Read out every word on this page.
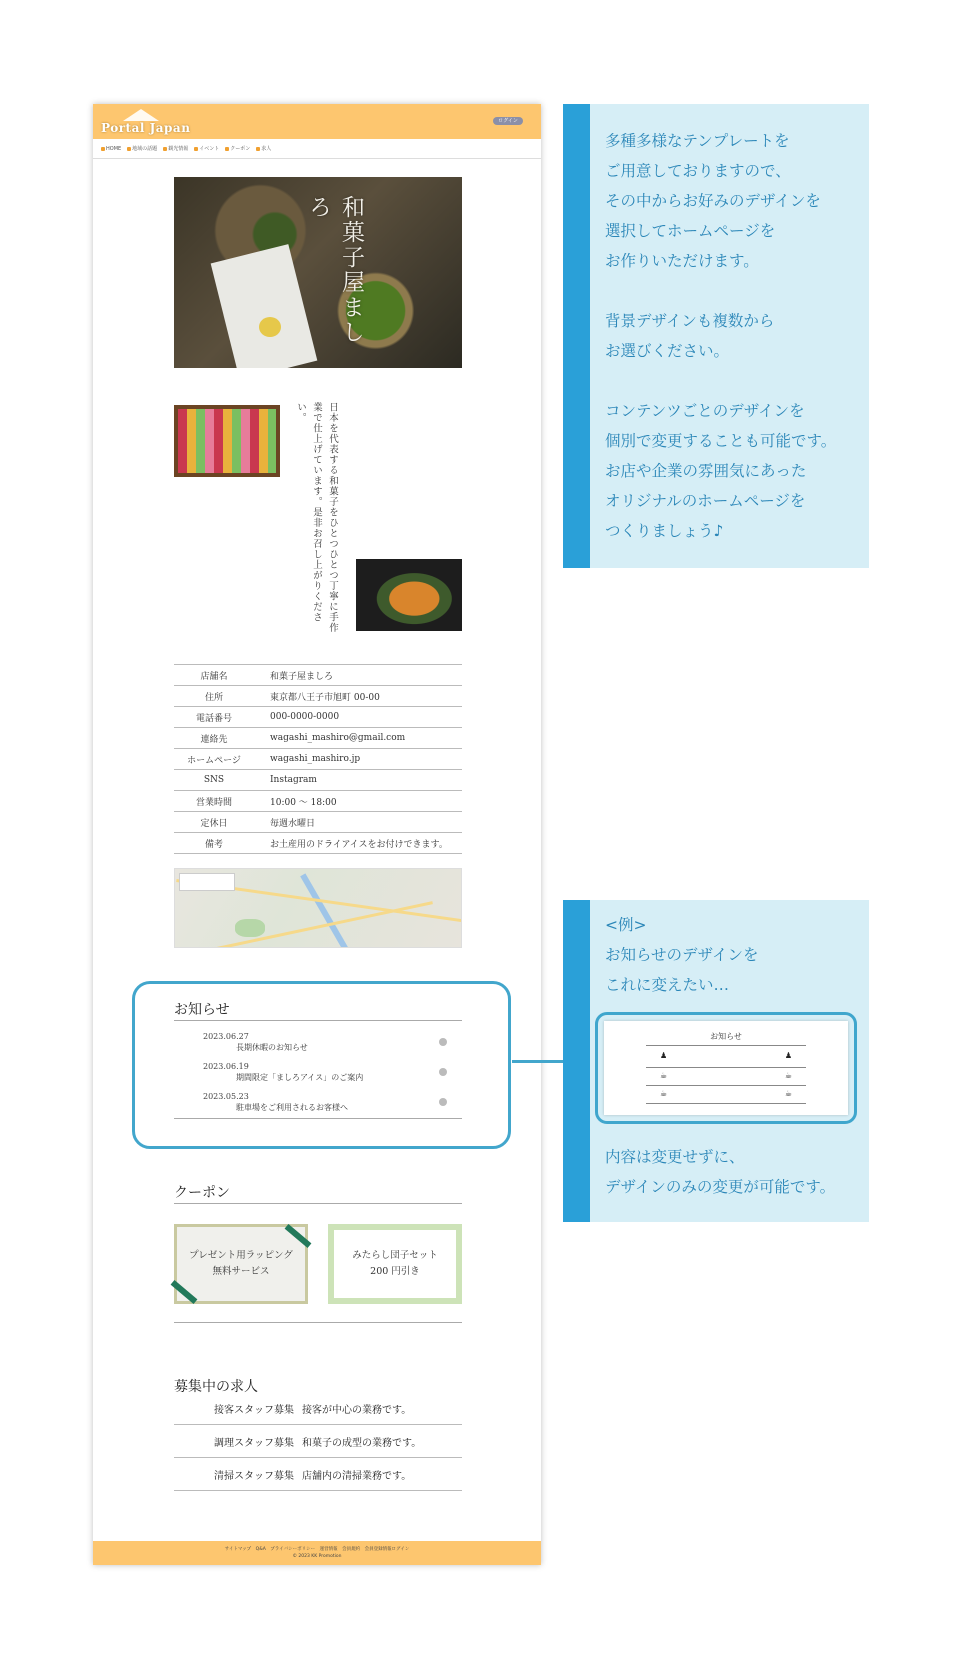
Portal Japan	ログイン
HOME 地域の話題 観光情報 イベント クーポン 求人
和菓子屋ましろ
日本を代表する和菓子をひとつひとつ丁寧に手作業で仕上げています。是非お召し上がりください。
店舗名	和菓子屋ましろ
住所	東京都八王子市旭町 00-00
電話番号	000-0000-0000
連絡先	wagashi_mashiro@gmail.com
ホームページ	wagashi_mashiro.jp
SNS	Instagram
営業時間	10:00 ～ 18:00
定休日	毎週水曜日
備考	お土産用のドライアイスをお付けできます。
お知らせ
2023.06.27
長期休暇のお知らせ
2023.06.19
期間限定「ましろアイス」のご案内
2023.05.23
駐車場をご利用されるお客様へ
クーポン
プレゼント用ラッピング
無料サービス
みたらし団子セット
200 円引き
募集中の求人
接客スタッフ募集 接客が中心の業務です。
調理スタッフ募集 和菓子の成型の業務です。
清掃スタッフ募集 店舗内の清掃業務です。
サイトマップ　Q&A　プライバシーポリシー　運営情報　会員規約　会員登録情報ログイン
© 2023 KK Promotion
多種多様なテンプレートを
ご用意しておりますので、
その中からお好みのデザインを
選択してホームページを
お作りいただけます。
背景デザインも複数から
お選びください。
コンテンツごとのデザインを
個別で変更することも可能です。
お店や企業の雰囲気にあった
オリジナルのホームページを
つくりましょう♪
<例>
お知らせのデザインを
これに変えたい…
内容は変更せずに、
デザインのみの変更が可能です。
お知らせ
♟	♟
☕	☕
☕	☕
